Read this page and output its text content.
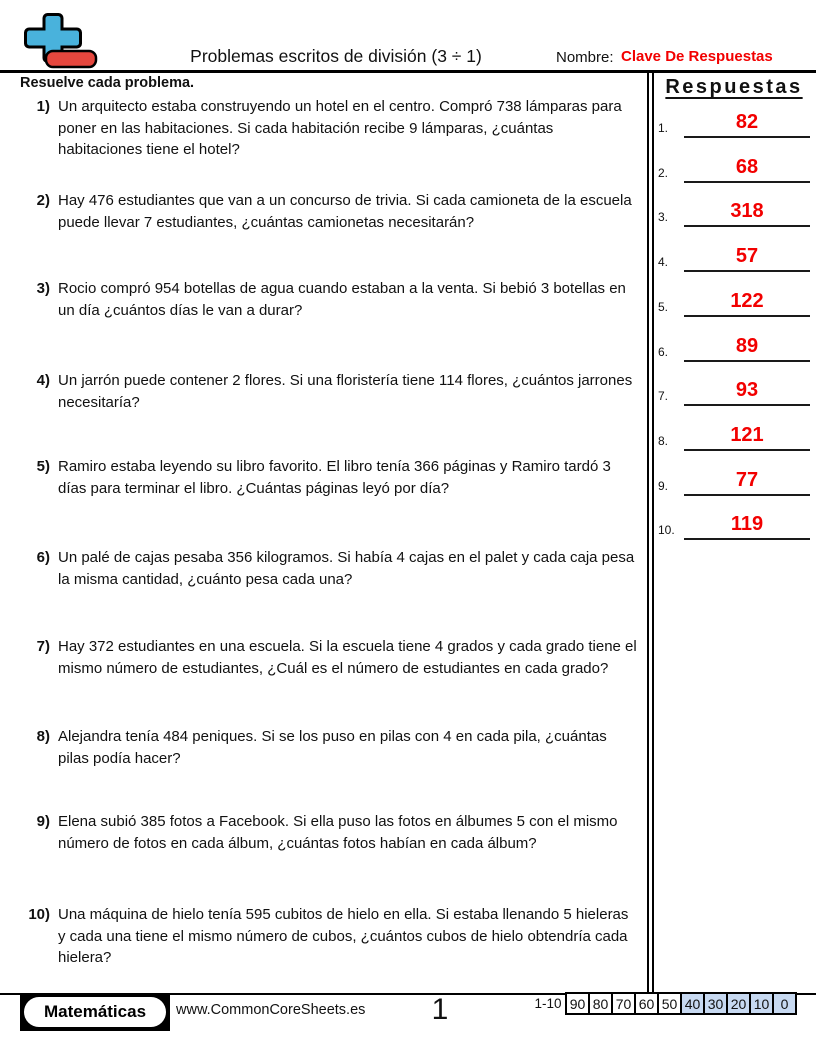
Problemas escritos de división (3 ÷ 1)	Nombre: Clave De Respuestas
Resuelve cada problema.	Respuestas
1.	82
2.	68
3.	318
4.	57
5.	122
6.	89
7.	93
8.	121
9.	77
10.	119
1) Un arquitecto estaba construyendo un hotel en el centro. Compró 738 lámparas para poner en las habitaciones. Si cada habitación recibe 9 lámparas, ¿cuántas habitaciones tiene el hotel?
2) Hay 476 estudiantes que van a un concurso de trivia. Si cada camioneta de la escuela puede llevar 7 estudiantes, ¿cuántas camionetas necesitarán?
3) Rocio compró 954 botellas de agua cuando estaban a la venta. Si bebió 3 botellas en un día ¿cuántos días le van a durar?
4) Un jarrón puede contener 2 flores. Si una floristería tiene 114 flores, ¿cuántos jarrones necesitaría?
5) Ramiro estaba leyendo su libro favorito. El libro tenía 366 páginas y Ramiro tardó 3 días para terminar el libro. ¿Cuántas páginas leyó por día?
6) Un palé de cajas pesaba 356 kilogramos. Si había 4 cajas en el palet y cada caja pesa la misma cantidad, ¿cuánto pesa cada una?
7) Hay 372 estudiantes en una escuela. Si la escuela tiene 4 grados y cada grado tiene el mismo número de estudiantes, ¿Cuál es el número de estudiantes en cada grado?
8) Alejandra tenía 484 peniques. Si se los puso en pilas con 4 en cada pila, ¿cuántas pilas podía hacer?
9) Elena subió 385 fotos a Facebook. Si ella puso las fotos en álbumes 5 con el mismo número de fotos en cada álbum, ¿cuántas fotos habían en cada álbum?
10) Una máquina de hielo tenía 595 cubitos de hielo en ella. Si estaba llenando 5 hieleras y cada una tiene el mismo número de cubos, ¿cuántos cubos de hielo obtendría cada hielera?
Matemáticas	www.CommonCoreSheets.es	1	1-10 90 80 70 60 50 40 30 20 10 0
